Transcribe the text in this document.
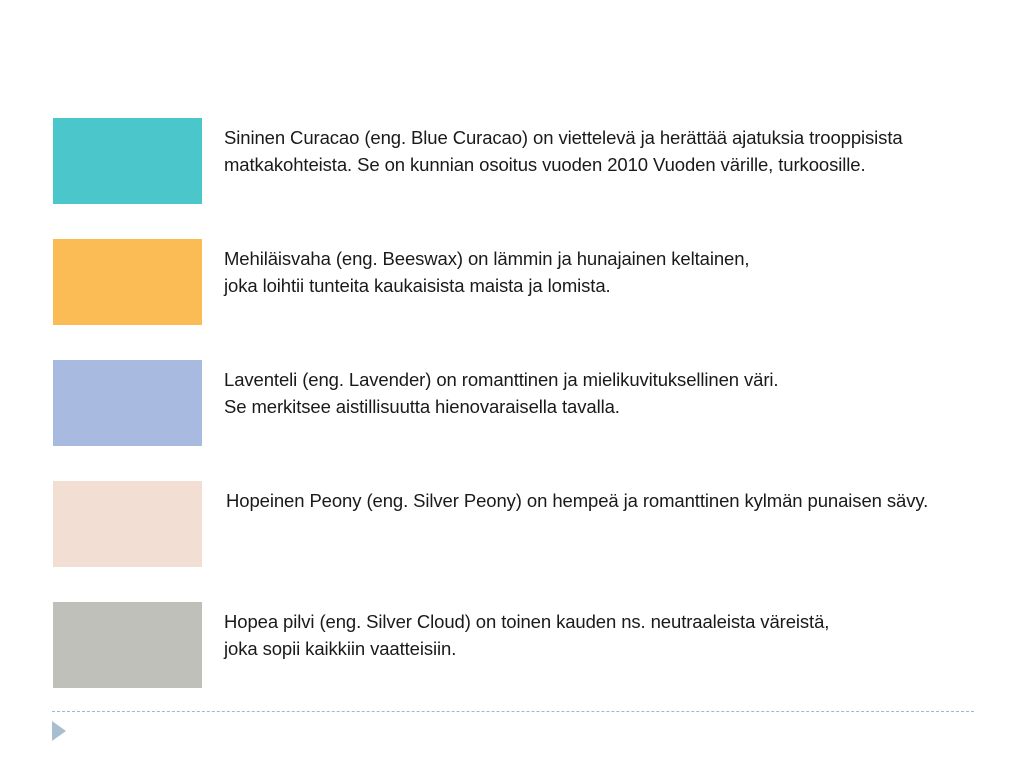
Sininen Curacao (eng. Blue Curacao) on viettelevä ja herättää ajatuksia trooppisista
matkakohteista. Se on kunnian osoitus vuoden 2010 Vuoden värille, turkoosille.
Mehiläisvaha (eng. Beeswax) on lämmin ja hunajainen keltainen,
joka loihtii tunteita kaukaisista maista ja lomista.
Laventeli (eng. Lavender) on romanttinen ja mielikuvituksellinen väri.
Se merkitsee aistillisuutta hienovaraisella tavalla.
Hopeinen Peony (eng. Silver Peony) on hempeä ja romanttinen kylmän punaisen sävy.
Hopea pilvi (eng. Silver Cloud) on toinen kauden ns. neutraaleista väreistä,
joka sopii kaikkiin vaatteisiin.
